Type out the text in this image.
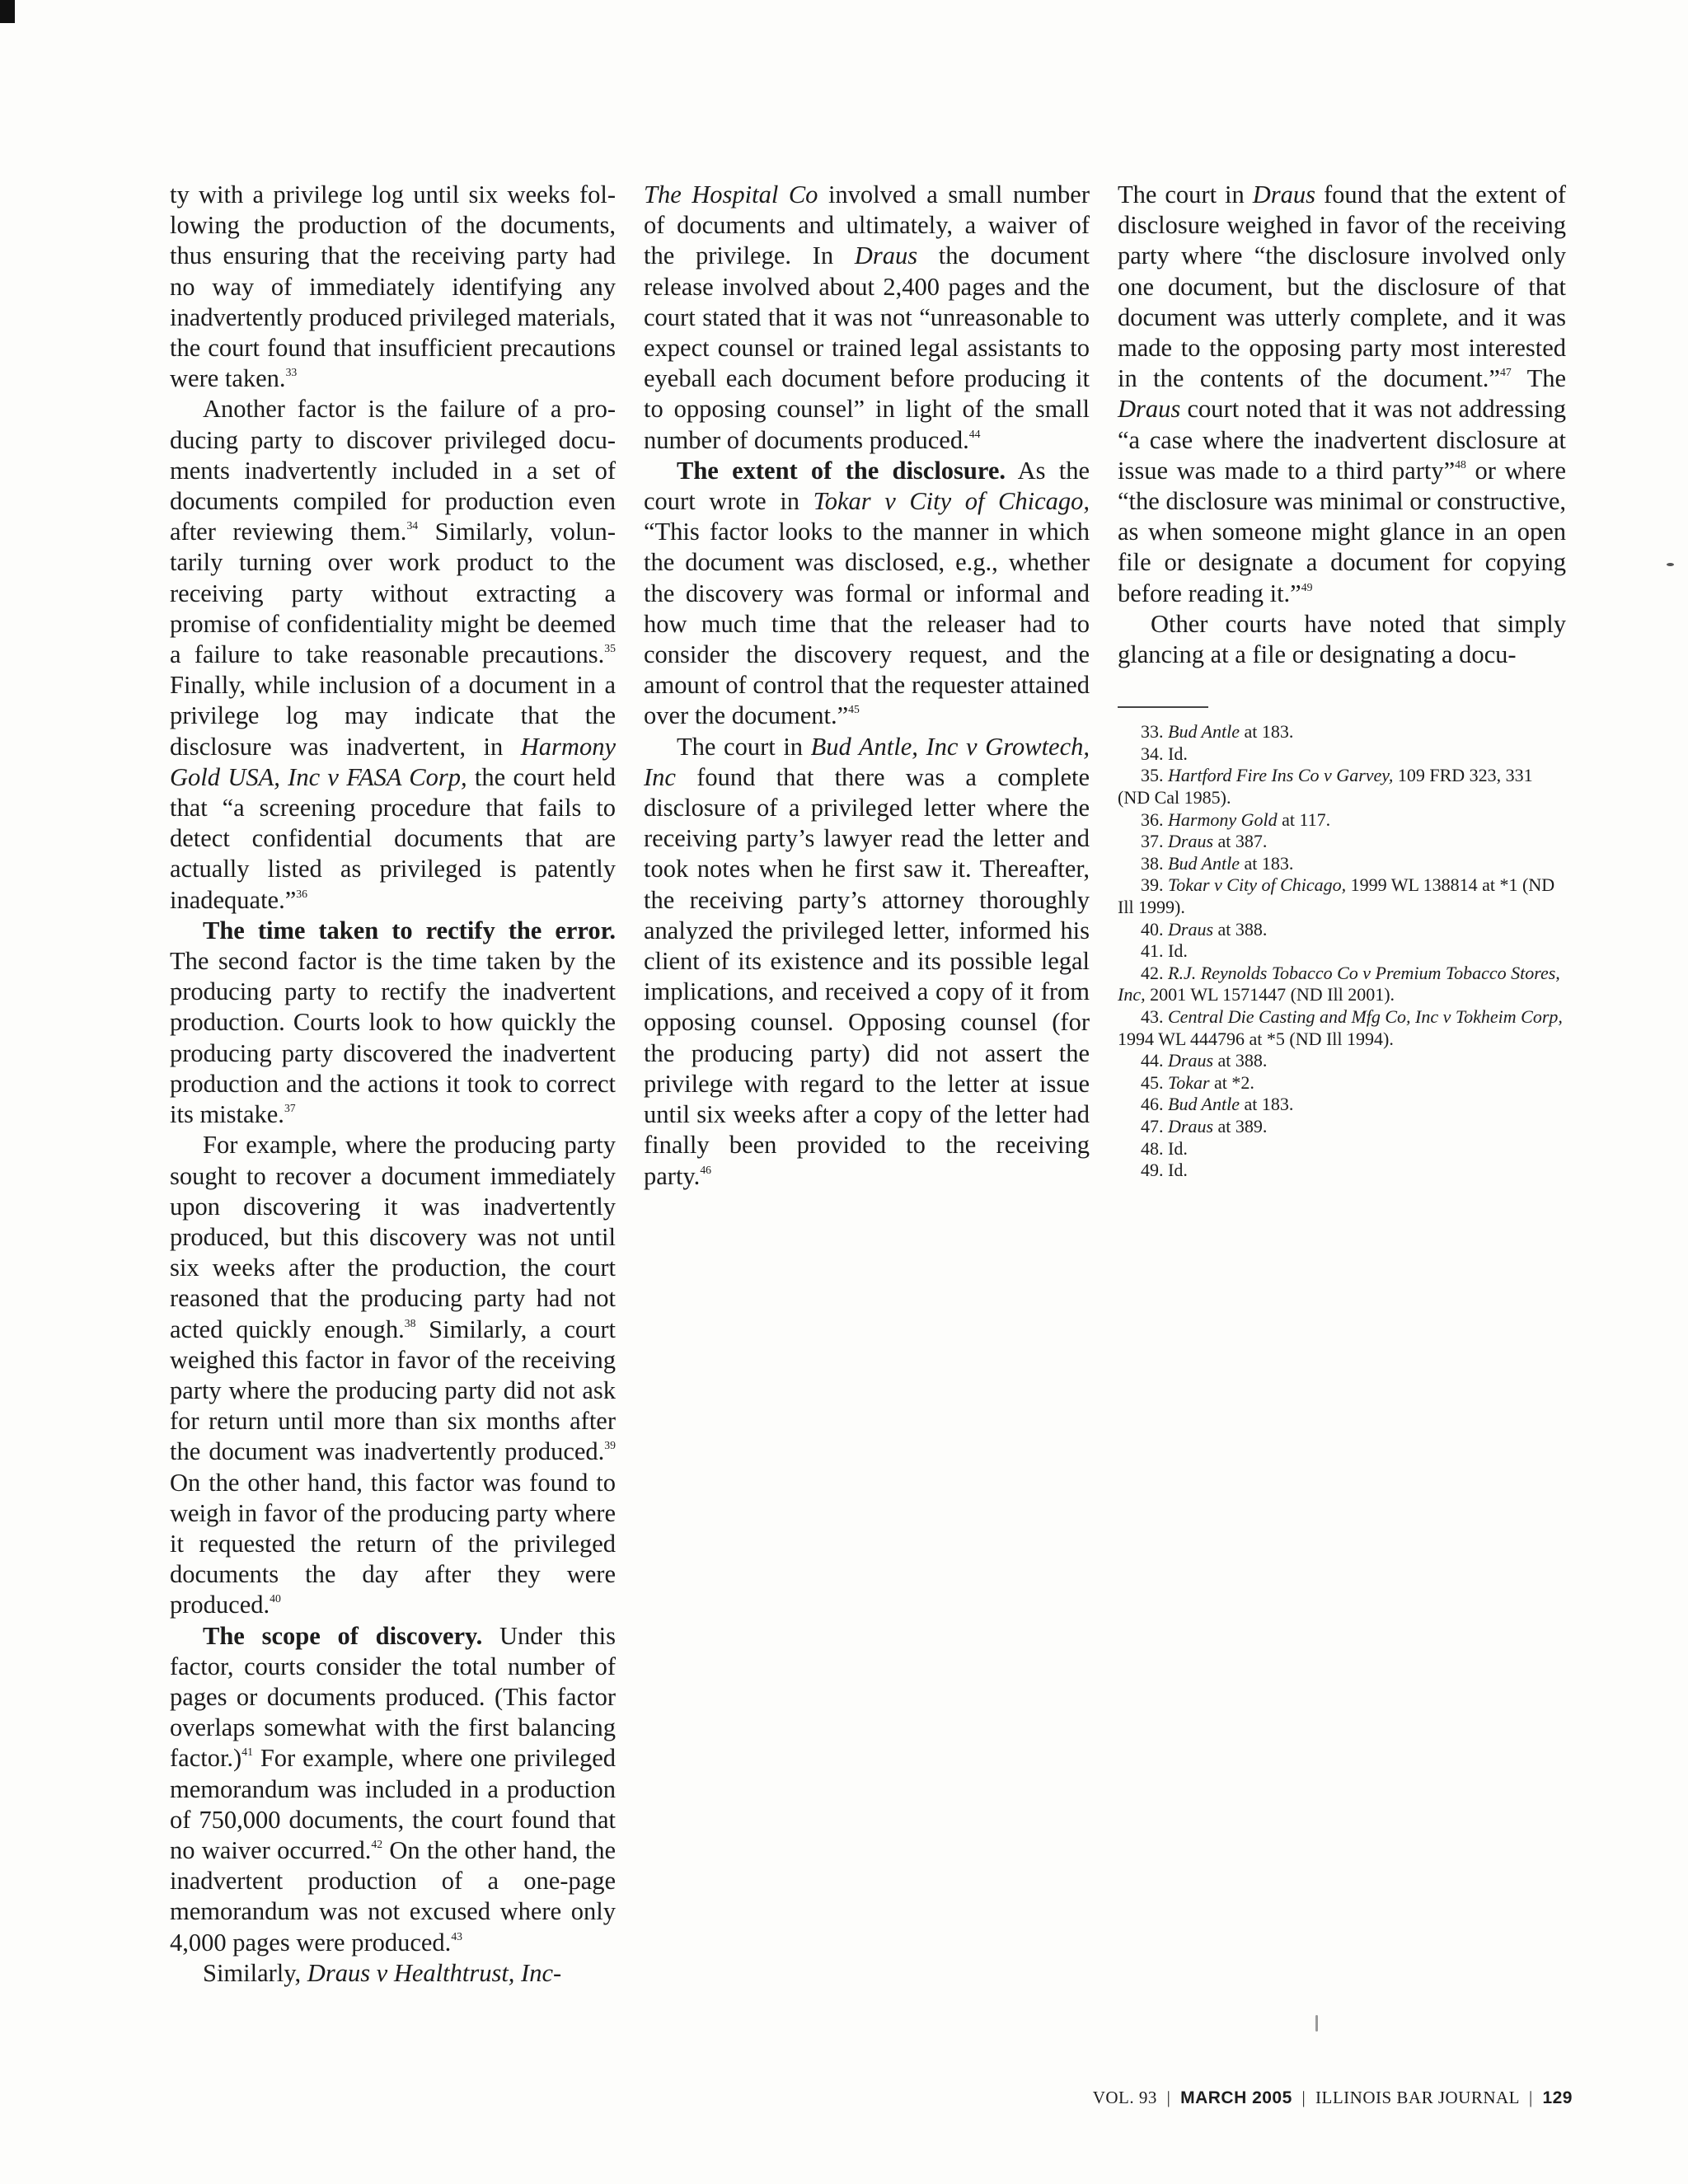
ty with a privilege log until six weeks following the production of the documents, thus ensuring that the receiving party had no way of immediately identifying any inadvertently produced privileged materials, the court found that insufficient precautions were taken.$^{33}$

Another factor is the failure of a producing party to discover privileged documents inadvertently included in a set of documents compiled for production even after reviewing them.$^{34}$ Similarly, voluntarily turning over work product to the receiving party without extracting a promise of confidentiality might be deemed a failure to take reasonable precautions.$^{35}$ Finally, while inclusion of a document in a privilege log may indicate that the disclosure was inadvertent, in Harmony Gold USA, Inc v FASA Corp, the court held that “a screening procedure that fails to detect confidential documents that are actually listed as privileged is patently inadequate.”$^{36}$

The time taken to rectify the error. The second factor is the time taken by the producing party to rectify the inadvertent production. Courts look to how quickly the producing party discovered the inadvertent production and the actions it took to correct its mistake.$^{37}$

For example, where the producing party sought to recover a document immediately upon discovering it was inadvertently produced, but this discovery was not until six weeks after the production, the court reasoned that the producing party had not acted quickly enough.$^{38}$ Similarly, a court weighed this factor in favor of the receiving party where the producing party did not ask for return until more than six months after the document was inadvertently produced.$^{39}$ On the other hand, this factor was found to weigh in favor of the producing party where it requested the return of the privileged documents the day after they were produced.$^{40}$

The scope of discovery. Under this factor, courts consider the total number of pages or documents produced. (This factor overlaps somewhat with the first balancing factor.)$^{41}$ For example, where one privileged memorandum was included in a production of 750,000 documents, the court found that no waiver occurred.$^{42}$ On the other hand, the inadvertent production of a one-page memorandum was not excused where only 4,000 pages were produced.$^{43}$

Similarly, Draus v Healthtrust, Inc-

The Hospital Co involved a small number of documents and ultimately, a waiver of the privilege. In Draus the document release involved about 2,400 pages and the court stated that it was not “unreasonable to expect counsel or trained legal assistants to eyeball each document before producing it to opposing counsel” in light of the small number of documents produced.$^{44}$

The extent of the disclosure. As the court wrote in Tokar v City of Chicago, “This factor looks to the manner in which the document was disclosed, e.g., whether the discovery was formal or informal and how much time that the releaser had to consider the discovery request, and the amount of control that the requester attained over the document.”$^{45}$

The court in Bud Antle, Inc v Growtech, Inc found that there was a complete disclosure of a privileged letter where the receiving party’s lawyer read the letter and took notes when he first saw it. Thereafter, the receiving party’s attorney thoroughly analyzed the privileged letter, informed his client of its existence and its possible legal implications, and received a copy of it from opposing counsel. Opposing counsel (for the producing party) did not assert the privilege with regard to the letter at issue until six weeks after a copy of the letter had finally been provided to the receiving party.$^{46}$

The court in Draus found that the extent of disclosure weighed in favor of the receiving party where “the disclosure involved only one document, but the disclosure of that document was utterly complete, and it was made to the opposing party most interested in the contents of the document.”$^{47}$ The Draus court noted that it was not addressing “a case where the inadvertent disclosure at issue was made to a third party”$^{48}$ or where “the disclosure was minimal or constructive, as when someone might glance in an open file or designate a document for copying before reading it.”$^{49}$

Other courts have noted that simply glancing at a file or designating a docu-

33. Bud Antle at 183.

34. Id.

35. Hartford Fire Ins Co v Garvey, 109 FRD 323, 331 (ND Cal 1985).

36. Harmony Gold at 117.

37. Draus at 387.

38. Bud Antle at 183.

39. Tokar v City of Chicago, 1999 WL 138814 at *1 (ND Ill 1999).

40. Draus at 388.

41. Id.

42. R.J. Reynolds Tobacco Co v Premium Tobacco Stores, Inc, 2001 WL 1571447 (ND Ill 2001).

43. Central Die Casting and Mfg Co, Inc v Tokheim Corp, 1994 WL 444796 at *5 (ND Ill 1994).

44. Draus at 388.

45. Tokar at *2.

46. Bud Antle at 183.

47. Draus at 389.

48. Id.

49. Id.

VOL. 93 | MARCH 2005 | ILLINOIS BAR JOURNAL | 129
